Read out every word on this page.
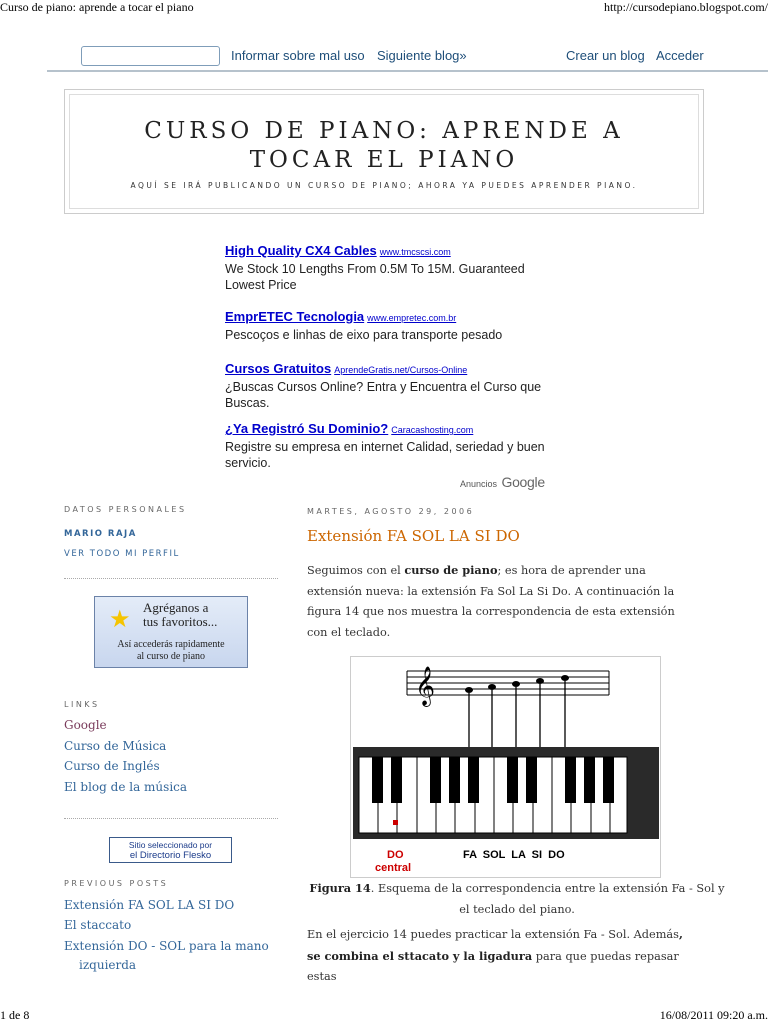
Curso de piano: aprende a tocar el piano	http://cursodepiano.blogspot.com/
Informar sobre mal uso Siguiente blog»	Crear un blog Acceder
CURSO DE PIANO: APRENDE A
TOCAR EL PIANO
AQUÍ SE IRÁ PUBLICANDO UN CURSO DE PIANO; AHORA YA PUEDES APRENDER PIANO.
High Quality CX4 Cables www.tmcscsi.com
We Stock 10 Lengths From 0.5M To 15M. Guaranteed Lowest Price
EmprETEC Tecnologia www.empretec.com.br
Pescoços e linhas de eixo para transporte pesado
Cursos Gratuitos AprendeGratis.net/Cursos-Online
¿Buscas Cursos Online? Entra y Encuentra el Curso que Buscas.
¿Ya Registró Su Dominio? Caracashosting.com
Registre su empresa en internet Calidad, seriedad y buen servicio.
Anuncios Google
DATOS PERSONALES
MARIO RAJA
VER TODO MI PERFIL
★ Agréganos a
tus favoritos...
Así accederás rapidamente
al curso de piano
LINKS
Google
Curso de Música
Curso de Inglés
El blog de la música
Sitio seleccionado por
el Directorio Flesko
PREVIOUS POSTS
Extensión FA SOL LA SI DO
El staccato
Extensión DO - SOL para la mano
izquierda
MARTES, AGOSTO 29, 2006
Extensión FA SOL LA SI DO
Seguimos con el curso de piano; es hora de aprender una extensión nueva: la extensión Fa Sol La Si Do. A continuación la figura 14 que nos muestra la correspondencia de esta extensión con el teclado.
𝄞
DO
central
FA  SOL  LA  SI  DO
Figura 14. Esquema de la correspondencia entre la extensión Fa - Sol y el teclado del piano.
En el ejercicio 14 puedes practicar la extensión Fa - Sol. Además, se combina el sttacato y la ligadura para que puedas repasar estas
1 de 8	16/08/2011 09:20 a.m.
